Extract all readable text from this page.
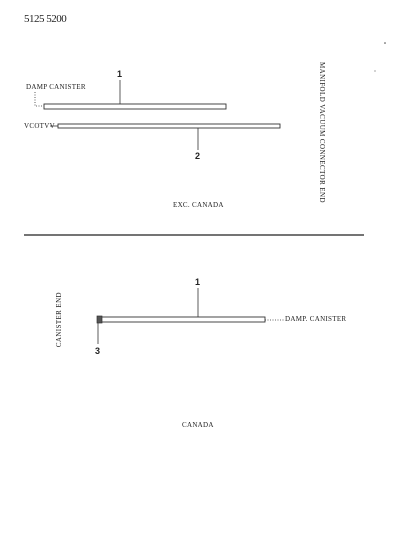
5125 5200
DAMP CANISTER
1
VCOTVV
2	MANIFOLD VACUUM CONNECTOR END
EXC. CANADA
CANISTER END
1
3
DAMP. CANISTER
CANADA
